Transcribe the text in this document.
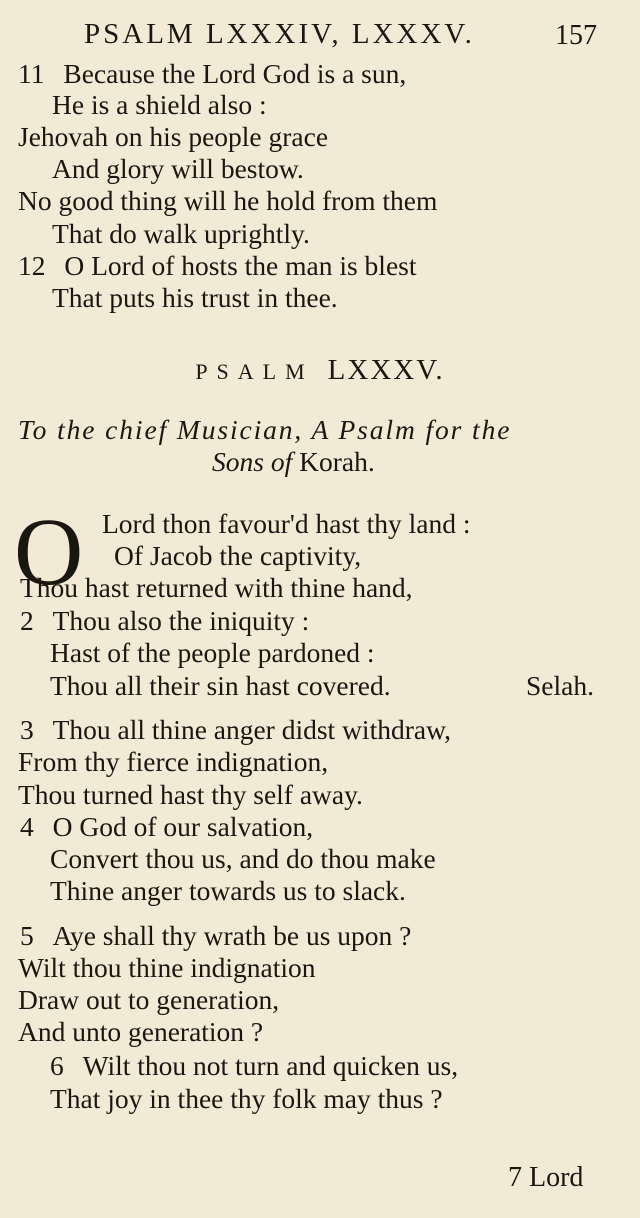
PSALM LXXXIV, LXXXV.	157
11 Because the Lord God is a sun,
He is a shield also :
Jehovah on his people grace
And glory will bestow.
No good thing will he hold from them
That do walk uprightly.
12 O Lord of hosts the man is blest
That puts his trust in thee.
PSALM LXXXV.
To the chief Musician, A Psalm for the
Sons of Korah.
O Lord thon favour'd hast thy land :
Of Jacob the captivity,
Thou hast returned with thine hand,
2 Thou also the iniquity :
Hast of the people pardoned :
Thou all their sin hast covered.	Selah.
3 Thou all thine anger didst withdraw,
From thy fierce indignation,
Thou turned hast thy self away.
4 O God of our salvation,
Convert thou us, and do thou make
Thine anger towards us to slack.
5 Aye shall thy wrath be us upon ?
Wilt thou thine indignation
Draw out to generation,
And unto generation ?
6 Wilt thou not turn and quicken us,
That joy in thee thy folk may thus ?
7 Lord
